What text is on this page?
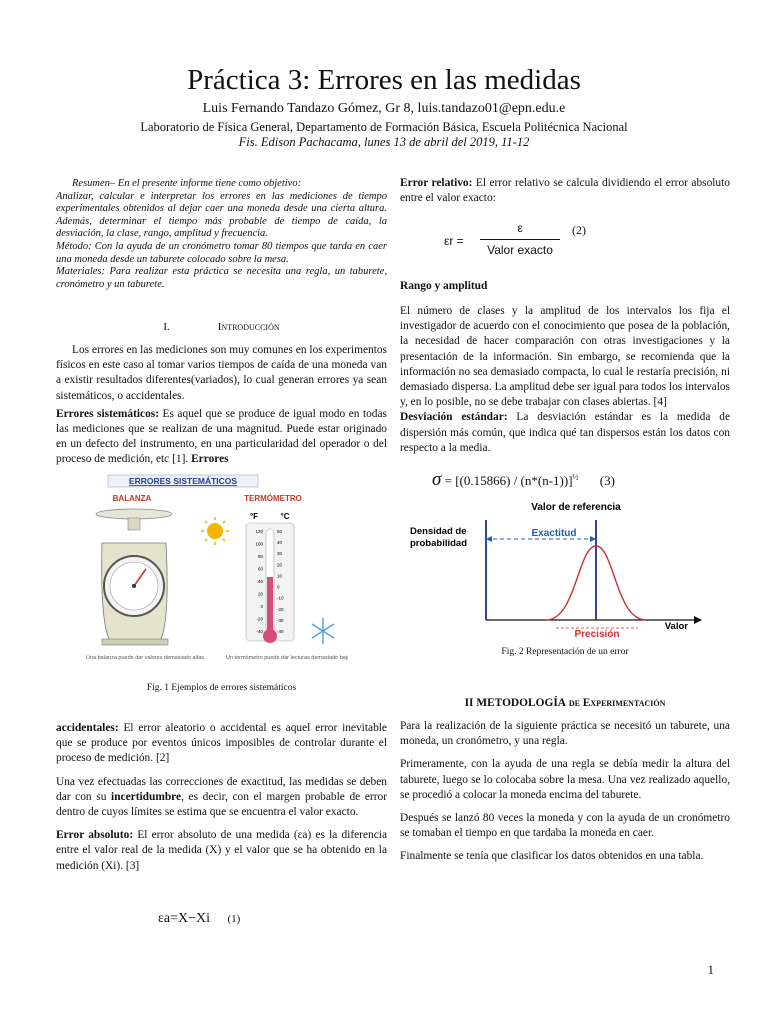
Práctica 3: Errores en las medidas
Luis Fernando Tandazo Gómez, Gr 8, luis.tandazo01@epn.edu.e
Laboratorio de Física General, Departamento de Formación Básica, Escuela Politécnica Nacional
Fis. Edison Pachacama, lunes 13 de abril del 2019, 11-12

Resumen– En el presente informe tiene como objetivo:

Analizar, calcular e interpretar los errores en las mediciones de tiempo experimentales obtenidos al dejar caer una moneda desde una cierta altura. Además, determinar el tiempo más probable de tiempo de caída, la desviación, la clase, rango, amplitud y frecuencia.

Método: Con la ayuda de un cronómetro tomar 80 tiempos que tarda en caer una moneda desde un taburete colocado sobre la mesa.

Materiales: Para realizar esta práctica se necesita una regla, un taburete, cronómetro y un taburete.

I.	Introducción

Los errores en las mediciones son muy comunes en los experimentos físicos en este caso al tomar varios tiempos de caída de una moneda van a existir resultados diferentes(variados), lo cual generan errores ya sean sistemáticos, o accidentales.

Errores sistemáticos: Es aquel que se produce de igual modo en todas las mediciones que se realizan de una magnitud. Puede estar originado en un defecto del instrumento, en una particularidad del operador o del proceso de medición, etc [1]. Errores

ERRORES SISTEMÁTICOS
BALANZA	TERMÓMETRO
°F	°C
120
100
80
60
40
20
0
-20
-40
50
40
30
20
10
0
-10
-20
-30
-40
Una balanza puede dar valores demasiado altas.	Un termómetro puede dar lecturas demasiado bajas.
Fig. 1 Ejemplos de errores sistemáticos

accidentales: El error aleatorio o accidental es aquel error inevitable que se produce por eventos únicos imposibles de controlar durante el proceso de medición. [2]

Una vez efectuadas las correcciones de exactitud, las medidas se deben dar con su incertidumbre, es decir, con el margen probable de error dentro de cuyos límites se estima que se encuentra el valor exacto.

Error absoluto: El error absoluto de una medida (εa) es la diferencia entre el valor real de la medida (X) y el valor que se ha obtenido en la medición (Xi). [3]

εa=X−Xi (1)

Error relativo: El error relativo se calcula dividiendo el error absoluto entre el valor exacto:

εr =
ε
Valor exacto
(2)
Rango y amplitud

El número de clases y la amplitud de los intervalos los fija el investigador de acuerdo con el conocimiento que posea de la población, la necesidad de hacer comparación con otras investigaciones y la presentación de la información. Sin embargo, se recomienda que la información no sea demasiado compacta, lo cual le restaría precisión, ni demasiado dispersa. La amplitud debe ser igual para todos los intervalos y, en lo posible, no se debe trabajar con clases abiertas. [4]

Desviación estándar: La desviación estándar es la medida de dispersión más común, que indica qué tan dispersos están los datos con respecto a la media.

σ = [(0.15866) / (n*(n-1))]$^{\frac{1}{2}}$ (3)
Valor de referencia
Densidad de
probabilidad
Valor
Exactitud
Precisión
Fig. 2 Representación de un error
II METODOLOGÍA de Experimentación

Para la realización de la siguiente práctica se necesitó un taburete, una moneda, un cronómetro, y una regla.

Primeramente, con la ayuda de una regla se debía medir la altura del taburete, luego se lo colocaba sobre la mesa. Una vez realizado aquello, se procedió a colocar la moneda encima del taburete.

Después se lanzó 80 veces la moneda y con la ayuda de un cronómetro se tomaban el tiempo en que tardaba la moneda en caer.

Finalmente se tenía que clasificar los datos obtenidos en una tabla.

1
